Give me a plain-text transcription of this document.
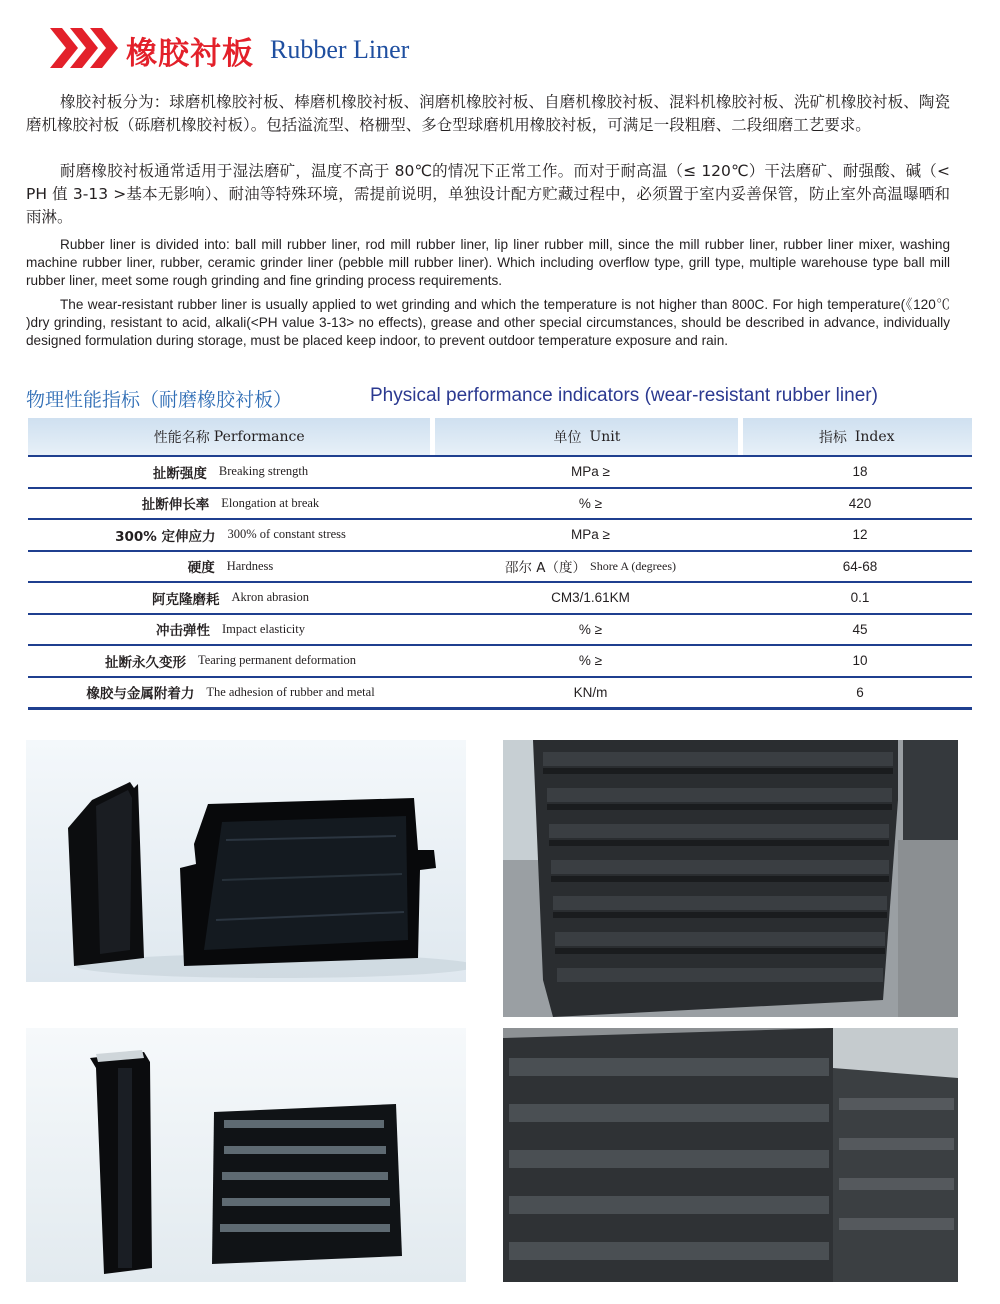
橡胶衬板 Rubber Liner

橡胶衬板分为：球磨机橡胶衬板、棒磨机橡胶衬板、润磨机橡胶衬板、自磨机橡胶衬板、混料机橡胶衬板、洗矿机橡胶衬板、陶瓷磨机橡胶衬板（砾磨机橡胶衬板）。包括溢流型、格栅型、多仓型球磨机用橡胶衬板，可满足一段粗磨、二段细磨工艺要求。

耐磨橡胶衬板通常适用于湿法磨矿，温度不高于 80℃的情况下正常工作。而对于耐高温（≤ 120℃）干法磨矿、耐强酸、碱（< PH 值 3-13 >基本无影响）、耐油等特殊环境，需提前说明，单独设计配方贮藏过程中，必须置于室内妥善保管，防止室外高温曝晒和雨淋。

Rubber liner is divided into: ball mill rubber liner, rod mill rubber liner, lip liner rubber mill, since the mill rubber liner, rubber liner mixer, washing machine rubber liner, rubber, ceramic grinder liner (pebble mill rubber liner). Which including overflow type, grill type, multiple warehouse type ball mill rubber liner, meet some rough grinding and fine grinding process requirements.

The wear-resistant rubber liner is usually applied to wet grinding and which the temperature is not higher than 800C. For high temperature(《120℃ )dry grinding, resistant to acid, alkali(<PH value 3-13> no effects), grease and other special circumstances, should be described in advance, individually designed formulation during storage, must be placed keep indoor, to prevent outdoor temperature exposure and rain.

物理性能指标（耐磨橡胶衬板）	Physical performance indicators (wear-resistant rubber liner)
性能名称 Performance	单位 Unit	指标 Index
扯断强度 Breaking strength	MPa ≥	18
扯断伸长率 Elongation at break	% ≥	420
300% 定伸应力 300% of constant stress	MPa ≥	12
硬度 Hardness	邵尔 A（度） Shore A (degrees)	64-68
阿克隆磨耗 Akron abrasion	CM3/1.61KM	0.1
冲击弹性 Impact elasticity	% ≥	45
扯断永久变形 Tearing permanent deformation	% ≥	10
橡胶与金属附着力 The adhesion of rubber and metal	KN/m	6
